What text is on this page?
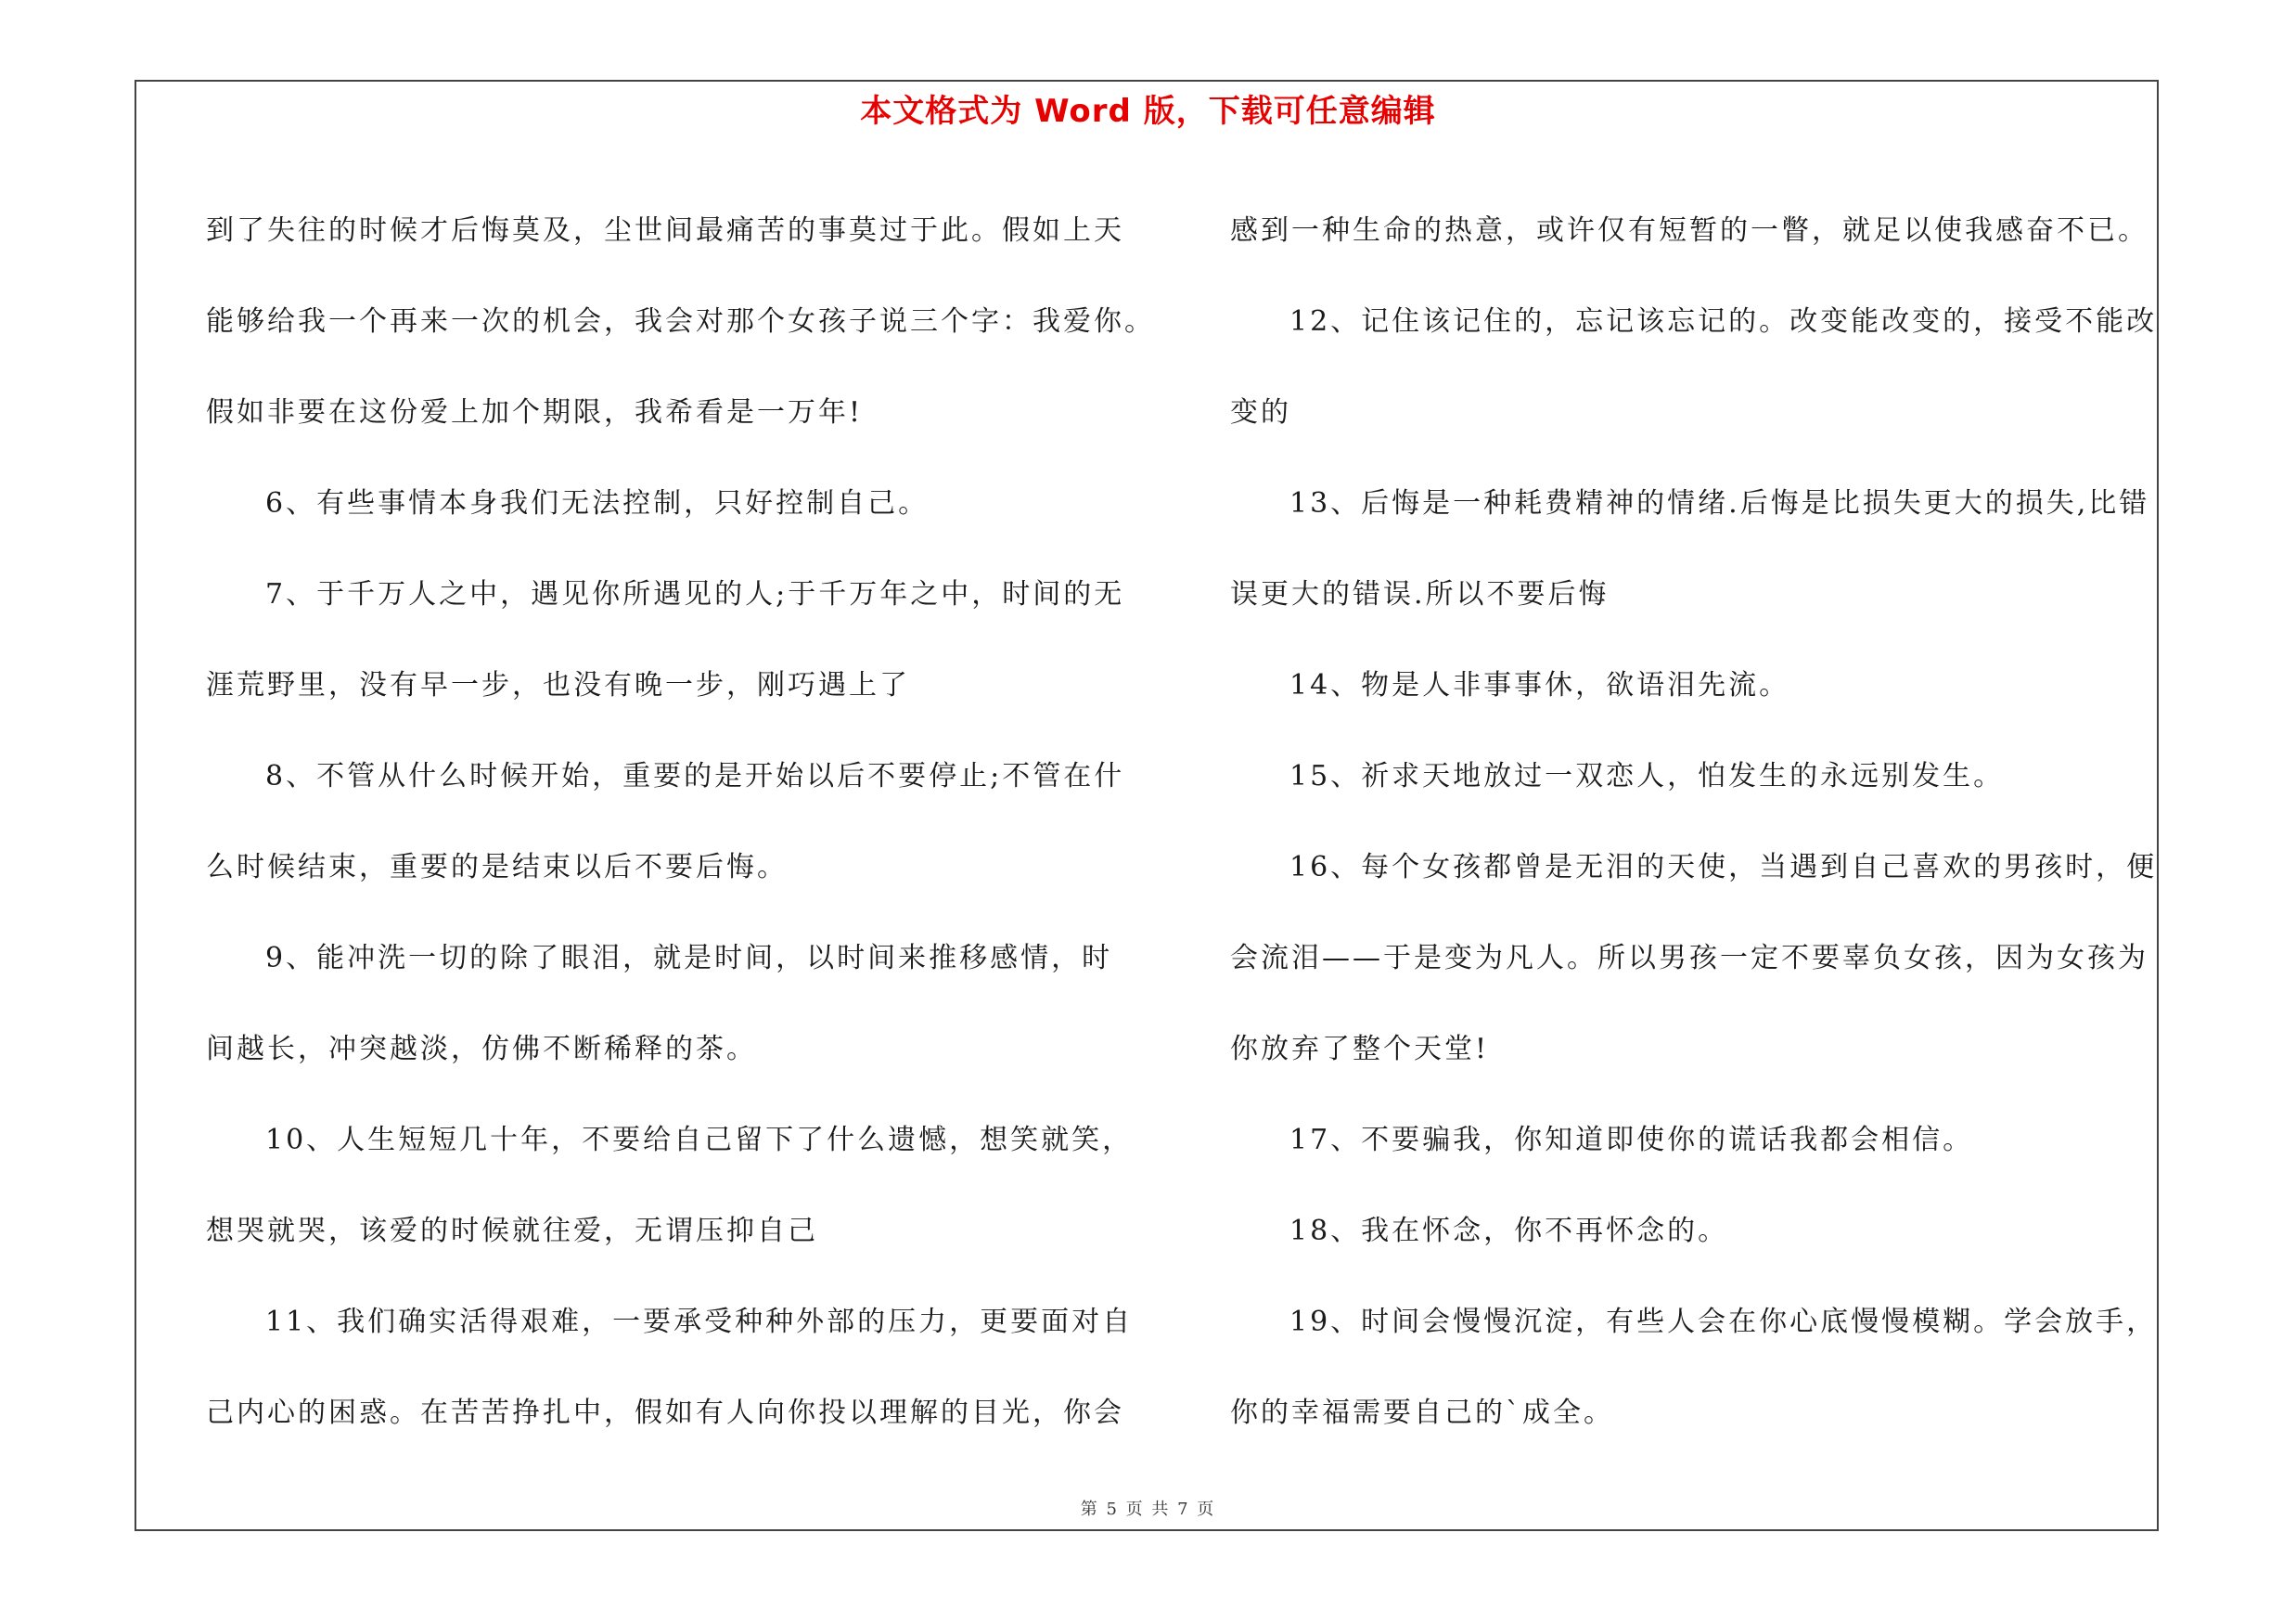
本文格式为 Word 版，下载可任意编辑
到了失往的时候才后悔莫及，尘世间最痛苦的事莫过于此。假如上天
能够给我一个再来一次的机会，我会对那个女孩子说三个字：我爱你。
假如非要在这份爱上加个期限，我希看是一万年!
6、有些事情本身我们无法控制，只好控制自己。
7、于千万人之中，遇见你所遇见的人;于千万年之中，时间的无
涯荒野里，没有早一步，也没有晚一步，刚巧遇上了
8、不管从什么时候开始，重要的是开始以后不要停止;不管在什
么时候结束，重要的是结束以后不要后悔。
9、能冲洗一切的除了眼泪，就是时间，以时间来推移感情，时
间越长，冲突越淡，仿佛不断稀释的茶。
10、人生短短几十年，不要给自己留下了什么遗憾，想笑就笑，
想哭就哭，该爱的时候就往爱，无谓压抑自己
11、我们确实活得艰难，一要承受种种外部的压力，更要面对自
己内心的困惑。在苦苦挣扎中，假如有人向你投以理解的目光，你会
感到一种生命的热意，或许仅有短暂的一瞥，就足以使我感奋不已。
12、记住该记住的，忘记该忘记的。改变能改变的，接受不能改
变的
13、后悔是一种耗费精神的情绪.后悔是比损失更大的损失,比错
误更大的错误.所以不要后悔
14、物是人非事事休，欲语泪先流。
15、祈求天地放过一双恋人，怕发生的永远别发生。
16、每个女孩都曾是无泪的天使，当遇到自己喜欢的男孩时，便
会流泪——于是变为凡人。所以男孩一定不要辜负女孩，因为女孩为
你放弃了整个天堂!
17、不要骗我，你知道即使你的谎话我都会相信。
18、我在怀念，你不再怀念的。
19、时间会慢慢沉淀，有些人会在你心底慢慢模糊。学会放手，
你的幸福需要自己的`成全。
第 5 页 共 7 页
